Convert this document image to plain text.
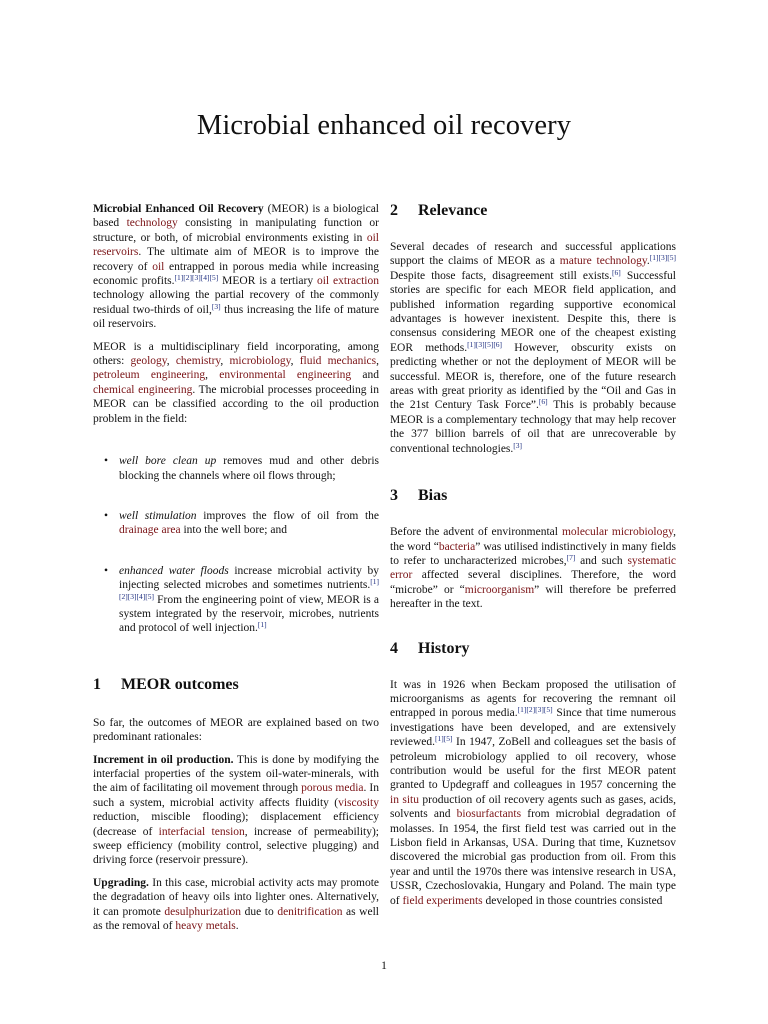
Microbial enhanced oil recovery

Microbial Enhanced Oil Recovery (MEOR) is a biological based technology consisting in manipulating function or structure, or both, of microbial environments existing in oil reservoirs. The ultimate aim of MEOR is to improve the recovery of oil entrapped in porous media while increasing economic profits.[1][2][3][4][5] MEOR is a tertiary oil extraction technology allowing the partial recovery of the commonly residual two-thirds of oil,[3] thus increasing the life of mature oil reservoirs.

MEOR is a multidisciplinary field incorporating, among others: geology, chemistry, microbiology, fluid mechanics, petroleum engineering, environmental engineering and chemical engineering. The microbial processes proceeding in MEOR can be classified according to the oil production problem in the field:

• well bore clean up removes mud and other debris blocking the channels where oil flows through;
• well stimulation improves the flow of oil from the drainage area into the well bore; and
• enhanced water floods increase microbial activity by injecting selected microbes and sometimes nutrients.[1][2][3][4][5] From the engineering point of view, MEOR is a system integrated by the reservoir, microbes, nutrients and protocol of well injection.[1]
1 MEOR outcomes

So far, the outcomes of MEOR are explained based on two predominant rationales:

Increment in oil production. This is done by modifying the interfacial properties of the system oil-water-minerals, with the aim of facilitating oil movement through porous media. In such a system, microbial activity affects fluidity (viscosity reduction, miscible flooding); displacement efficiency (decrease of interfacial tension, increase of permeability); sweep efficiency (mobility control, selective plugging) and driving force (reservoir pressure).

Upgrading. In this case, microbial activity acts may promote the degradation of heavy oils into lighter ones. Alternatively, it can promote desulphurization due to denitrification as well as the removal of heavy metals.

2 Relevance

Several decades of research and successful applications support the claims of MEOR as a mature technology.[1][3][5] Despite those facts, disagreement still exists.[6] Successful stories are specific for each MEOR field application, and published information regarding supportive economical advantages is however inexistent. Despite this, there is consensus considering MEOR one of the cheapest existing EOR methods.[1][3][5][6] However, obscurity exists on predicting whether or not the deployment of MEOR will be successful. MEOR is, therefore, one of the future research areas with great priority as identified by the “Oil and Gas in the 21st Century Task Force”.[6] This is probably because MEOR is a complementary technology that may help recover the 377 billion barrels of oil that are unrecoverable by conventional technologies.[3]

3 Bias

Before the advent of environmental molecular microbiology, the word “bacteria” was utilised indistinctively in many fields to refer to uncharacterized microbes,[7] and such systematic error affected several disciplines. Therefore, the word “microbe” or “microorganism” will therefore be preferred hereafter in the text.

4 History

It was in 1926 when Beckam proposed the utilisation of microorganisms as agents for recovering the remnant oil entrapped in porous media.[1][2][3][5] Since that time numerous investigations have been developed, and are extensively reviewed.[1][5] In 1947, ZoBell and colleagues set the basis of petroleum microbiology applied to oil recovery, whose contribution would be useful for the first MEOR patent granted to Updegraff and colleagues in 1957 concerning the in situ production of oil recovery agents such as gases, acids, solvents and biosurfactants from microbial degradation of molasses. In 1954, the first field test was carried out in the Lisbon field in Arkansas, USA. During that time, Kuznetsov discovered the microbial gas production from oil. From this year and until the 1970s there was intensive research in USA, USSR, Czechoslovakia, Hungary and Poland. The main type of field experiments developed in those countries consisted

1
